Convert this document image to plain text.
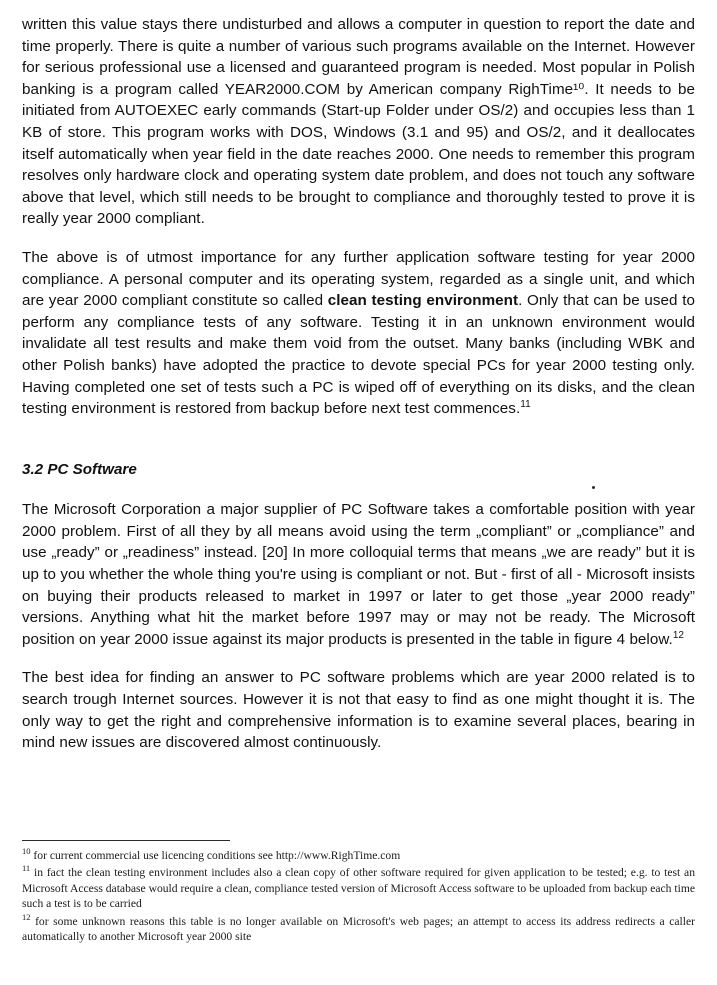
written this value stays there undisturbed and allows a computer in question to report the date and time properly. There is quite a number of various such programs available on the Internet. However for serious professional use a licensed and guaranteed program is needed. Most popular in Polish banking is a program called YEAR2000.COM by American company RighTime¹⁰. It needs to be initiated from AUTOEXEC early commands (Start-up Folder under OS/2) and occupies less than 1 KB of store. This program works with DOS, Windows (3.1 and 95) and OS/2, and it deallocates itself automatically when year field in the date reaches 2000. One needs to remember this program resolves only hardware clock and operating system date problem, and does not touch any software above that level, which still needs to be brought to compliance and thoroughly tested to prove it is really year 2000 compliant.

The above is of utmost importance for any further application software testing for year 2000 compliance. A personal computer and its operating system, regarded as a single unit, and which are year 2000 compliant constitute so called clean testing environment. Only that can be used to perform any compliance tests of any software. Testing it in an unknown environment would invalidate all test results and make them void from the outset. Many banks (including WBK and other Polish banks) have adopted the practice to devote special PCs for year 2000 testing only. Having completed one set of tests such a PC is wiped off of everything on its disks, and the clean testing environment is restored from backup before next test commences.$^{11}$

3.2 PC Software

The Microsoft Corporation a major supplier of PC Software takes a comfortable position with year 2000 problem. First of all they by all means avoid using the term „compliant” or „compliance” and use „ready” or „readiness” instead. [20] In more colloquial terms that means „we are ready” but it is up to you whether the whole thing you're using is compliant or not. But - first of all - Microsoft insists on buying their products released to market in 1997 or later to get those „year 2000 ready” versions. Anything what hit the market before 1997 may or may not be ready. The Microsoft position on year 2000 issue against its major products is presented in the table in figure 4 below.$^{12}$

The best idea for finding an answer to PC software problems which are year 2000 related is to search trough Internet sources. However it is not that easy to find as one might thought it is. The only way to get the right and comprehensive information is to examine several places, bearing in mind new issues are discovered almost continuously.

$^{10}$ for current commercial use licencing conditions see http://www.RighTime.com

$^{11}$ in fact the clean testing environment includes also a clean copy of other software required for given application to be tested; e.g. to test an Microsoft Access database would require a clean, compliance tested version of Microsoft Access software to be uploaded from backup each time such a test is to be carried

$^{12}$ for some unknown reasons this table is no longer available on Microsoft's web pages; an attempt to access its address redirects a caller automatically to another Microsoft year 2000 site
